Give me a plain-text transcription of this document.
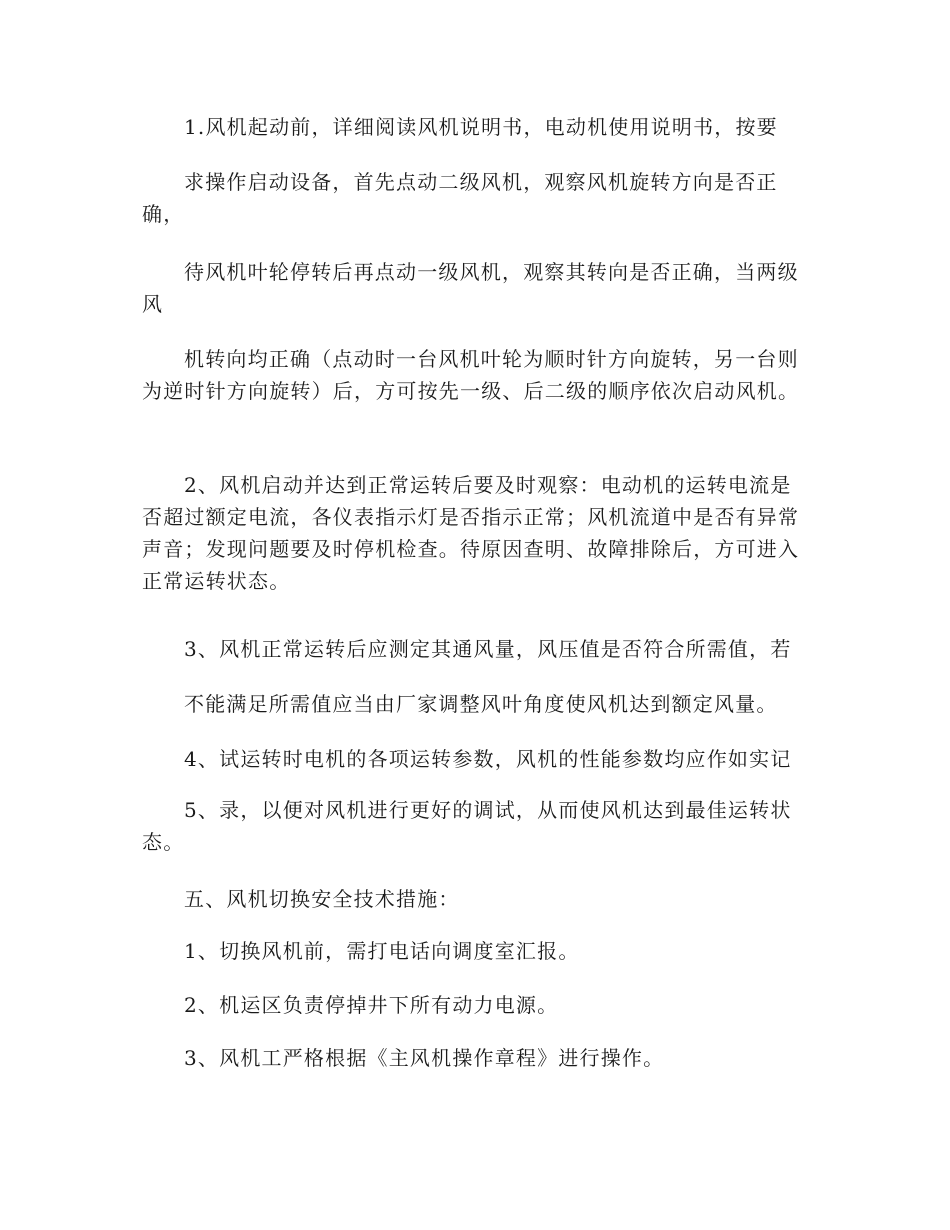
1.风机起动前，详细阅读风机说明书，电动机使用说明书，按要

求操作启动设备，首先点动二级风机，观察风机旋转方向是否正确，

待风机叶轮停转后再点动一级风机，观察其转向是否正确，当两级风

机转向均正确（点动时一台风机叶轮为顺时针方向旋转，另一台则为逆时针方向旋转）后，方可按先一级、后二级的顺序依次启动风机。

2、风机启动并达到正常运转后要及时观察：电动机的运转电流是否超过额定电流，各仪表指示灯是否指示正常；风机流道中是否有异常声音；发现问题要及时停机检查。待原因查明、故障排除后，方可进入正常运转状态。

3、风机正常运转后应测定其通风量，风压值是否符合所需值，若

不能满足所需值应当由厂家调整风叶角度使风机达到额定风量。

4、试运转时电机的各项运转参数，风机的性能参数均应作如实记

5、录，以便对风机进行更好的调试，从而使风机达到最佳运转状态。

五、风机切换安全技术措施：

1、切换风机前，需打电话向调度室汇报。

2、机运区负责停掉井下所有动力电源。

3、风机工严格根据《主风机操作章程》进行操作。
